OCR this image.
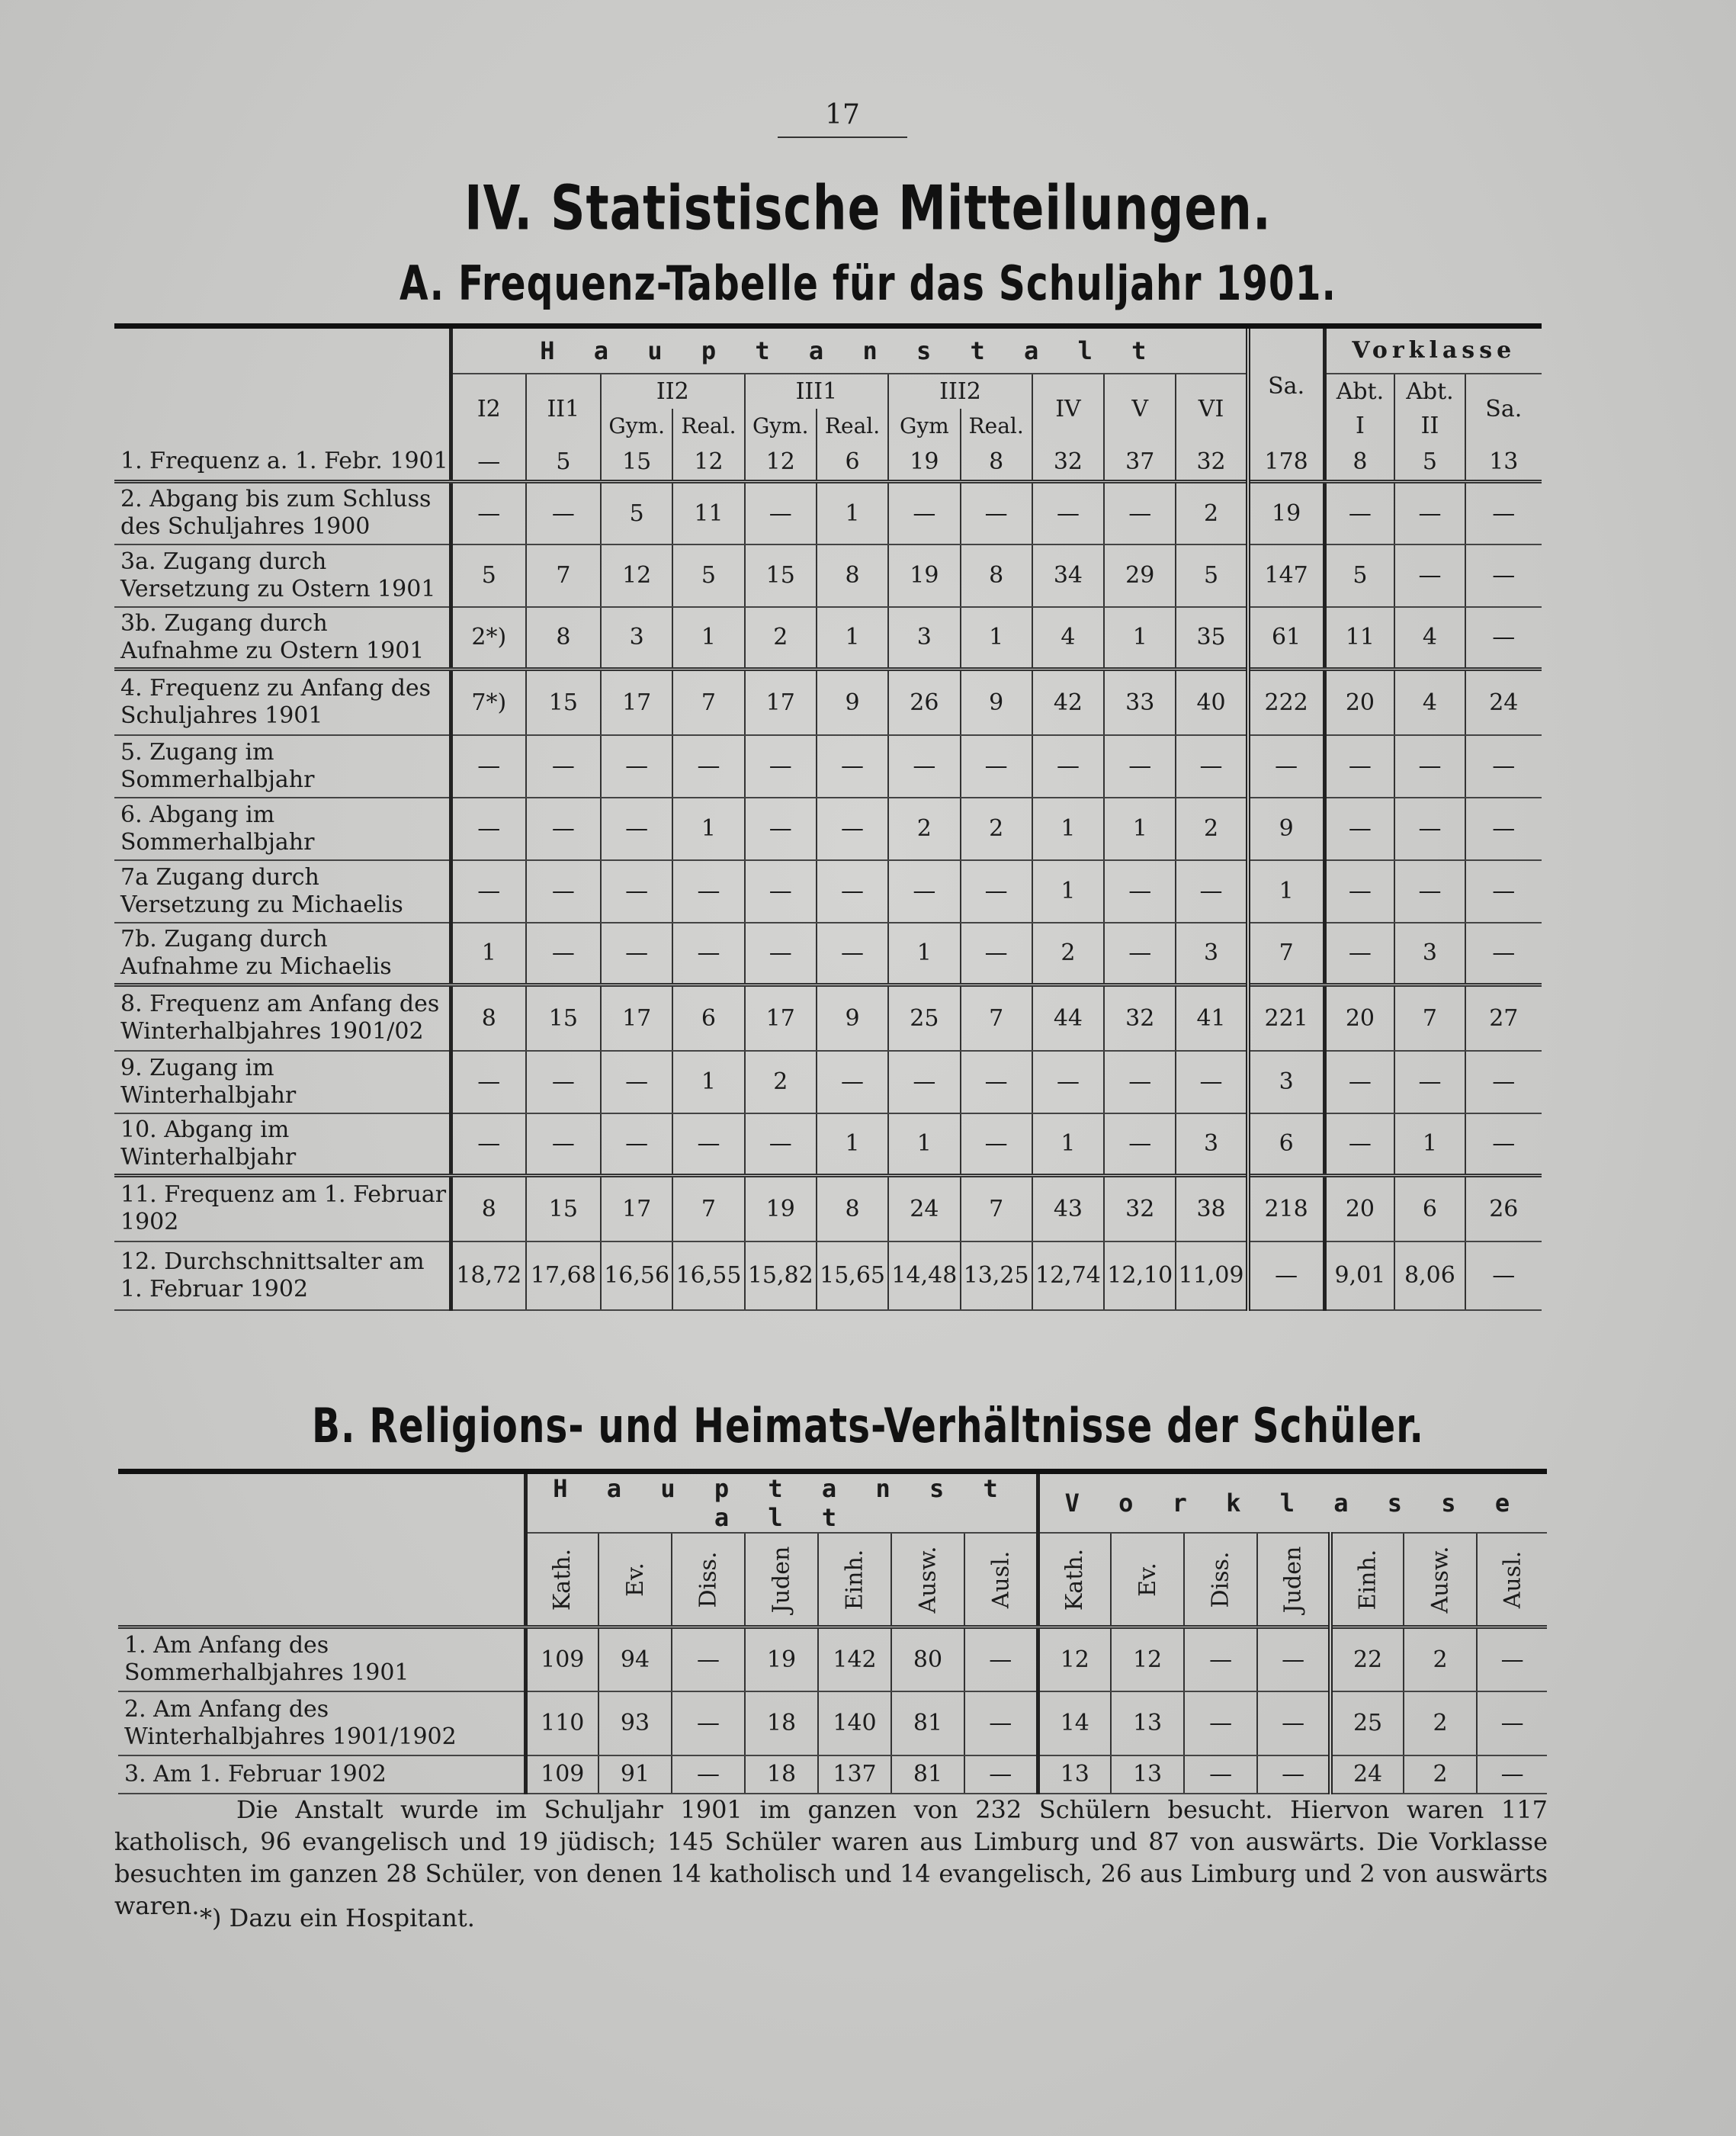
17
IV. Statistische Mitteilungen.
A. Frequenz-Tabelle für das Schuljahr 1901.
	H a u p t a n s t a l t											Sa.	Vorklasse		
	I2	II1	II2		III1		III2		IV	V	VI		Abt.	Abt.	Sa.
			Gym.	Real.	Gym.	Real.	Gym	Real.					I	II	
1. Frequenz a. 1. Febr. 1901	—	5	15	12	12	6	19	8	32	37	32	178	8	5	13
2. Abgang bis zum Schluss des Schuljahres 1900	—	—	5	11	—	1	—	—	—	—	2	19	—	—	—
3a. Zugang durch Versetzung zu Ostern 1901	5	7	12	5	15	8	19	8	34	29	5	147	5	—	—
3b. Zugang durch Aufnahme zu Ostern 1901	2*)	8	3	1	2	1	3	1	4	1	35	61	11	4	—
4. Frequenz zu Anfang des Schuljahres 1901	7*)	15	17	7	17	9	26	9	42	33	40	222	20	4	24
5. Zugang im Sommerhalbjahr	—	—	—	—	—	—	—	—	—	—	—	—	—	—	—
6. Abgang im Sommerhalbjahr	—	—	—	1	—	—	2	2	1	1	2	9	—	—	—
7a Zugang durch Versetzung zu Michaelis	—	—	—	—	—	—	—	—	1	—	—	1	—	—	—
7b. Zugang durch Aufnahme zu Michaelis	1	—	—	—	—	—	1	—	2	—	3	7	—	3	—
8. Frequenz am Anfang des Winterhalbjahres 1901/02	8	15	17	6	17	9	25	7	44	32	41	221	20	7	27
9. Zugang im Winterhalbjahr	—	—	—	1	2	—	—	—	—	—	—	3	—	—	—
10. Abgang im Winterhalbjahr	—	—	—	—	—	1	1	—	1	—	3	6	—	1	—
11. Frequenz am 1. Februar 1902	8	15	17	7	19	8	24	7	43	32	38	218	20	6	26
12. Durchschnittsalter am 1. Februar 1902	18,72	17,68	16,56	16,55	15,82	15,65	14,48	13,25	12,74	12,10	11,09	—	9,01	8,06	—
B. Religions- und Heimats-Verhältnisse der Schüler.
	H a u p t a n s t a l t							V o r k l a s s e						
	Kath.	Ev.	Diss.	Juden	Einh.	Ausw.	Ausl.	Kath.	Ev.	Diss.	Juden	Einh.	Ausw.	Ausl.
1. Am Anfang des Sommerhalbjahres 1901	109	94	—	19	142	80	—	12	12	—	—	22	2	—
2. Am Anfang des Winterhalbjahres 1901/1902	110	93	—	18	140	81	—	14	13	—	—	25	2	—
3. Am 1. Februar 1902	109	91	—	18	137	81	—	13	13	—	—	24	2	—

Die Anstalt wurde im Schuljahr 1901 im ganzen von 232 Schülern besucht. Hiervon waren 117 katholisch, 96 evangelisch und 19 jüdisch; 145 Schüler waren aus Limburg und 87 von auswärts. Die Vorklasse besuchten im ganzen 28 Schüler, von denen 14 katholisch und 14 evangelisch, 26 aus Limburg und 2 von auswärts waren. *) Dazu ein Hospitant.
